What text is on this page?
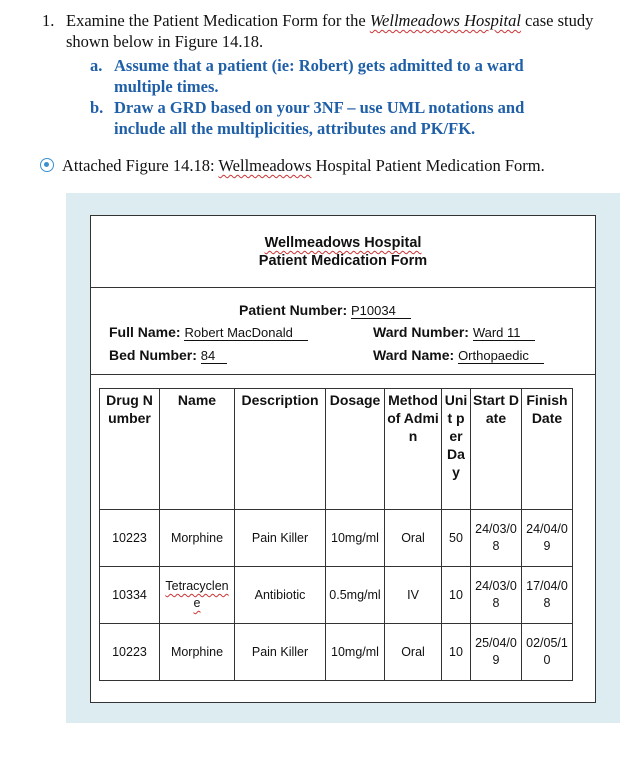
1. Examine the Patient Medication Form for the Wellmeadows Hospital case study shown below in Figure 14.18.
a. Assume that a patient (ie: Robert) gets admitted to a ward multiple times.
b. Draw a GRD based on your 3NF – use UML notations and include all the multiplicities, attributes and PK/FK.
Attached Figure 14.18: Wellmeadows Hospital Patient Medication Form.
Wellmeadows Hospital
Patient Medication Form
Patient Number: P10034
Full Name: Robert MacDonald	Ward Number: Ward 11
Bed Number: 84	Ward Name: Orthopaedic
Drug Number	Name	Description	Dosage	Method of Admin	Unit per Day	Start Date	Finish Date
10223	Morphine	Pain Killer	10mg/ml	Oral	50	24/03/08	24/04/09
10334	Tetracyclene	Antibiotic	0.5mg/ml	IV	10	24/03/08	17/04/08
10223	Morphine	Pain Killer	10mg/ml	Oral	10	25/04/09	02/05/10
